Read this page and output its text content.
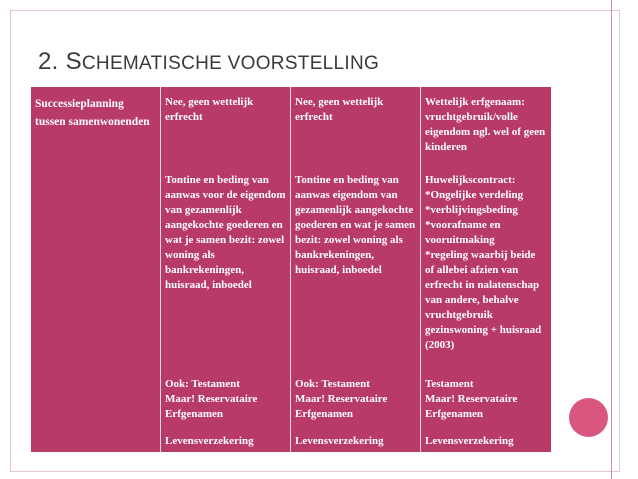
2. SCHEMATISCHE VOORSTELLING
Successieplanning tussen samenwonenden
Nee, geen wettelijk erfrecht
Tontine en beding van aanwas voor de eigendom van gezamenlijk aangekochte goederen en wat je samen bezit: zowel woning als bankrekeningen, huisraad, inboedel
Ook: Testament
Maar! Reservataire Erfgenamen
Levensverzekering
Nee, geen wettelijk erfrecht
Tontine en beding van aanwas eigendom van gezamenlijk aangekochte goederen en wat je samen bezit: zowel woning als bankrekeningen, huisraad, inboedel
Ook: Testament
Maar! Reservataire Erfgenamen
Levensverzekering
Wettelijk erfgenaam: vruchtgebruik/volle eigendom ngl. wel of geen kinderen
Huwelijkscontract:
*Ongelijke verdeling
*verblijvingsbeding
*voorafname en vooruitmaking
*regeling waarbij beide of allebei afzien van erfrecht in nalatenschap van andere, behalve vruchtgebruik gezinswoning + huisraad (2003)
Testament
Maar! Reservataire Erfgenamen
Levensverzekering
